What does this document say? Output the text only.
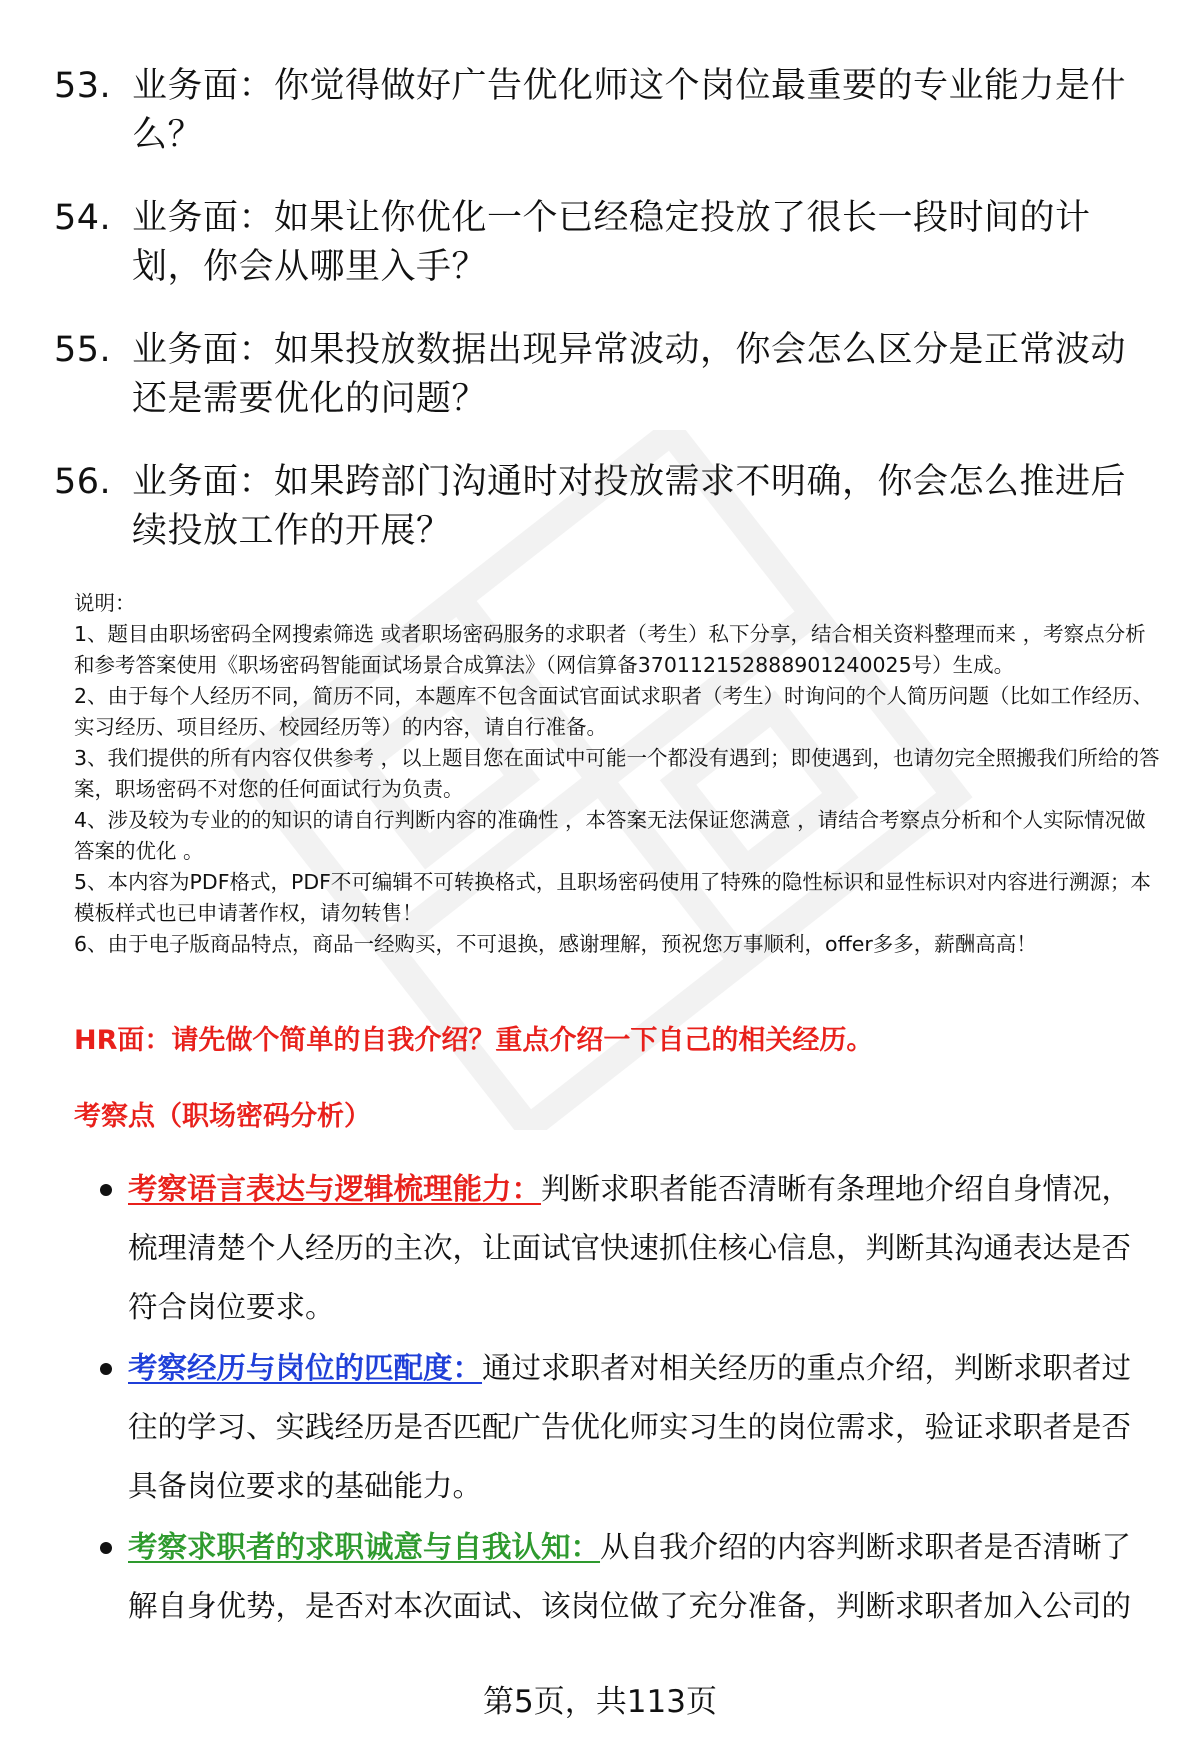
53. 业务面：你觉得做好广告优化师这个岗位最重要的专业能力是什么？
54. 业务面：如果让你优化一个已经稳定投放了很长一段时间的计划，你会从哪里入手？
55. 业务面：如果投放数据出现异常波动，你会怎么区分是正常波动还是需要优化的问题？
56. 业务面：如果跨部门沟通时对投放需求不明确，你会怎么推进后续投放工作的开展？

说明：

1、题目由职场密码全网搜索筛选 或者职场密码服务的求职者（考生）私下分享，结合相关资料整理而来 ，考察点分析和参考答案使用《职场密码智能面试场景合成算法》（网信算备370112152888901240025号）生成。

2、由于每个人经历不同，简历不同，本题库不包含面试官面试求职者（考生）时询问的个人简历问题（比如工作经历、实习经历、项目经历、校园经历等）的内容，请自行准备。

3、我们提供的所有内容仅供参考 ，以上题目您在面试中可能一个都没有遇到；即使遇到，也请勿完全照搬我们所给的答案，职场密码不对您的任何面试行为负责。

4、涉及较为专业的的知识的请自行判断内容的准确性 ，本答案无法保证您满意 ，请结合考察点分析和个人实际情况做答案的优化 。

5、本内容为PDF格式，PDF不可编辑不可转换格式，且职场密码使用了特殊的隐性标识和显性标识对内容进行溯源；本模板样式也已申请著作权，请勿转售！

6、由于电子版商品特点，商品一经购买，不可退换，感谢理解，预祝您万事顺利，offer多多，薪酬高高！

HR面：请先做个简单的自我介绍？重点介绍一下自己的相关经历。
考察点（职场密码分析）
考察语言表达与逻辑梳理能力：判断求职者能否清晰有条理地介绍自身情况，梳理清楚个人经历的主次，让面试官快速抓住核心信息，判断其沟通表达是否符合岗位要求。
考察经历与岗位的匹配度：通过求职者对相关经历的重点介绍，判断求职者过往的学习、实践经历是否匹配广告优化师实习生的岗位需求，验证求职者是否具备岗位要求的基础能力。
考察求职者的求职诚意与自我认知：从自我介绍的内容判断求职者是否清晰了解自身优势，是否对本次面试、该岗位做了充分准备，判断求职者加入公司的
第5页，共113页
